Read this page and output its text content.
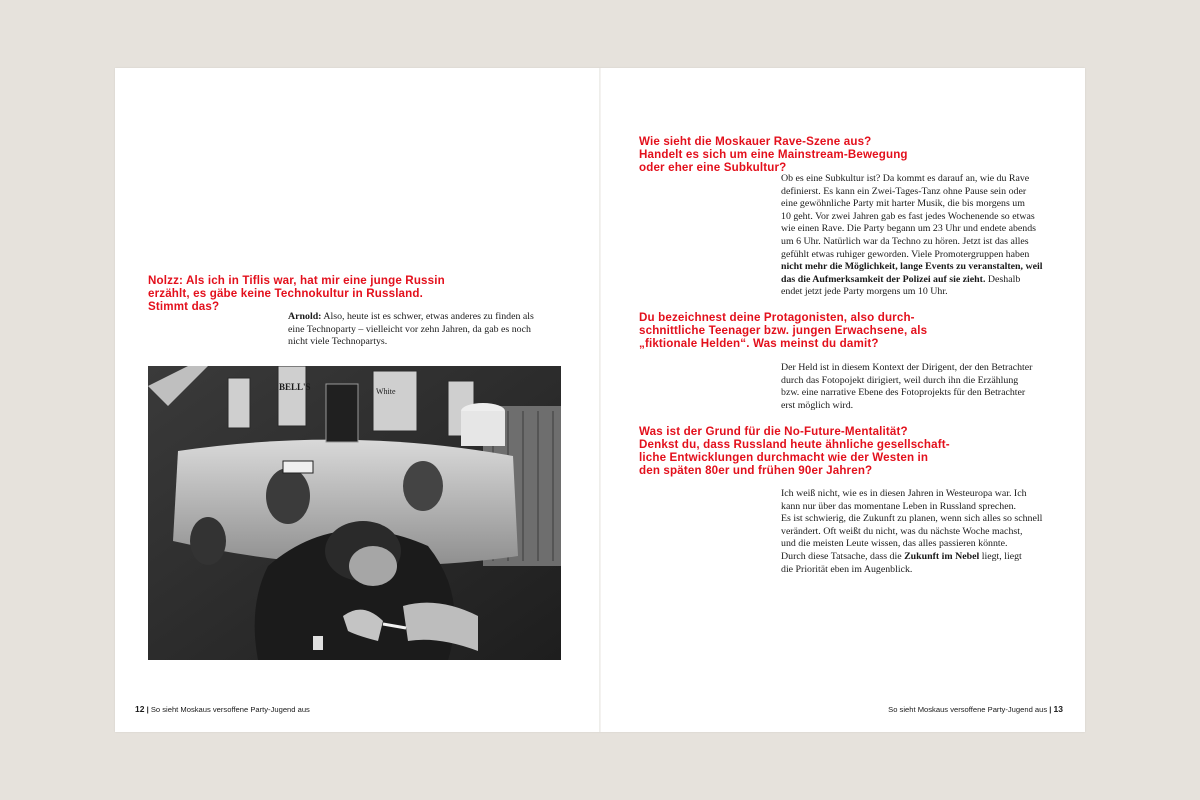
Nolzz: Als ich in Tiflis war, hat mir eine junge Russin
erzählt, es gäbe keine Technokultur in Russland.
Stimmt das?

Arnold: Also, heute ist es schwer, etwas anderes zu finden als
eine Technoparty – vielleicht vor zehn Jahren, da gab es noch
nicht viele Technopartys.
BELL'S	White
12 | So sieht Moskaus versoffene Party-Jugend aus

Wie sieht die Moskauer Rave-Szene aus?
Handelt es sich um eine Mainstream-Bewegung
oder eher eine Subkultur?

Ob es eine Subkultur ist? Da kommt es darauf an, wie du Rave
definierst. Es kann ein Zwei-Tages-Tanz ohne Pause sein oder
eine gewöhnliche Party mit harter Musik, die bis morgens um
10 geht. Vor zwei Jahren gab es fast jedes Wochenende so etwas
wie einen Rave. Die Party begann um 23 Uhr und endete abends
um 6 Uhr. Natürlich war da Techno zu hören. Jetzt ist das alles
gefühlt etwas ruhiger geworden. Viele Promotergruppen haben
nicht mehr die Möglichkeit, lange Events zu veranstalten, weil
das die Aufmerksamkeit der Polizei auf sie zieht. Deshalb
endet jetzt jede Party morgens um 10 Uhr.

Du bezeichnest deine Protagonisten, also durch-
schnittliche Teenager bzw. jungen Erwachsene, als
„fiktionale Helden“. Was meinst du damit?

Der Held ist in diesem Kontext der Dirigent, der den Betrachter
durch das Fotopojekt dirigiert, weil durch ihn die Erzählung
bzw. eine narrative Ebene des Fotoprojekts für den Betrachter
erst möglich wird.

Was ist der Grund für die No-Future-Mentalität?
Denkst du, dass Russland heute ähnliche gesellschaft-
liche Entwicklungen durchmacht wie der Westen in
den späten 80er und frühen 90er Jahren?

Ich weiß nicht, wie es in diesen Jahren in Westeuropa war. Ich
kann nur über das momentane Leben in Russland sprechen.
Es ist schwierig, die Zukunft zu planen, wenn sich alles so schnell
verändert. Oft weißt du nicht, was du nächste Woche machst,
und die meisten Leute wissen, das alles passieren könnte.
Durch diese Tatsache, dass die Zukunft im Nebel liegt, liegt
die Priorität eben im Augenblick.
So sieht Moskaus versoffene Party-Jugend aus | 13
